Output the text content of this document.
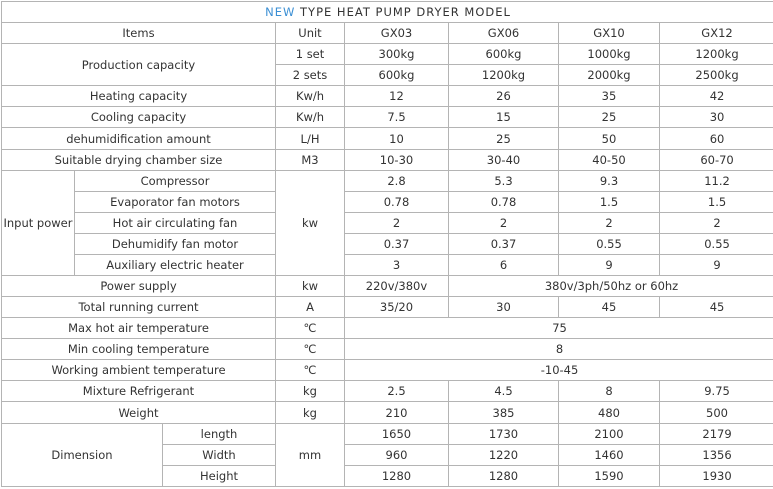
NEW TYPE HEAT PUMP DRYER MODEL							
Items			Unit	GX03	GX06	GX10	GX12
Production capacity			1 set	300kg	600kg	1000kg	1200kg
			2 sets	600kg	1200kg	2000kg	2500kg
Heating capacity			Kw/h	12	26	35	42
Cooling capacity			Kw/h	7.5	15	25	30
dehumidification amount			L/H	10	25	50	60
Suitable drying chamber size			M3	10-30	30-40	40-50	60-70
Input power	Compressor		kw	2.8	5.3	9.3	11.2
	Evaporator fan motors			0.78	0.78	1.5	1.5
	Hot air circulating fan			2	2	2	2
	Dehumidify fan motor			0.37	0.37	0.55	0.55
	Auxiliary electric heater			3	6	9	9
Power supply			kw	220v/380v	380v/3ph/50hz or 60hz		
Total running current			A	35/20	30	45	45
Max hot air temperature			℃	75			
Min cooling temperature			℃	8			
Working ambient temperature			℃	-10-45			
Mixture Refrigerant			kg	2.5	4.5	8	9.75
Weight			kg	210	385	480	500
Dimension		length	mm	1650	1730	2100	2179
		Width		960	1220	1460	1356
		Height		1280	1280	1590	1930
